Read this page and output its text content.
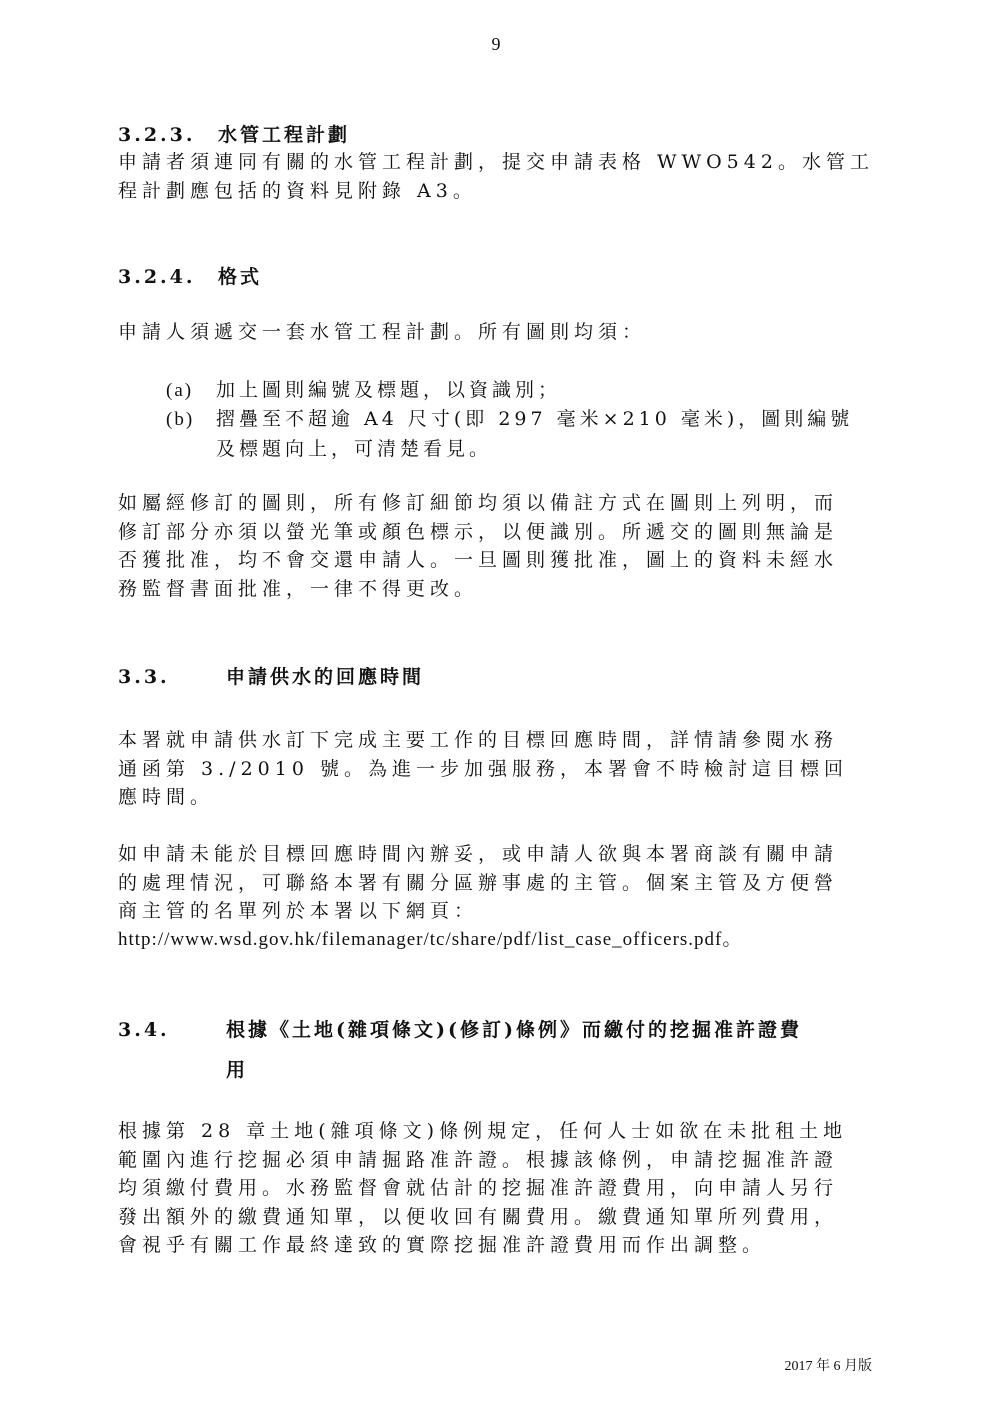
9
3.2.3. 水管工程計劃
申請者須連同有關的水管工程計劃，提交申請表格 WWO542。水管工
程計劃應包括的資料見附錄 A3。
3.2.4. 格式
申請人須遞交一套水管工程計劃。所有圖則均須：
(a) 加上圖則編號及標題，以資識別；
(b) 摺疊至不超逾 A4 尺寸(即 297 毫米×210 毫米)，圖則編號
及標題向上，可清楚看見。
如屬經修訂的圖則，所有修訂細節均須以備註方式在圖則上列明，而
修訂部分亦須以螢光筆或顏色標示，以便識別。所遞交的圖則無論是
否獲批准，均不會交還申請人。一旦圖則獲批准，圖上的資料未經水
務監督書面批准，一律不得更改。
3.3.	申請供水的回應時間
本署就申請供水訂下完成主要工作的目標回應時間，詳情請參閱水務
通函第 3./2010 號。為進一步加强服務，本署會不時檢討這目標回
應時間。
如申請未能於目標回應時間內辦妥，或申請人欲與本署商談有關申請
的處理情況，可聯絡本署有關分區辦事處的主管。個案主管及方便營
商主管的名單列於本署以下網頁：
http://www.wsd.gov.hk/filemanager/tc/share/pdf/list_case_officers.pdf。
3.4.	根據《土地(雜項條文)(修訂)條例》而繳付的挖掘准許證費
用
根據第 28 章土地(雜項條文)條例規定，任何人士如欲在未批租土地
範圍內進行挖掘必須申請掘路准許證。根據該條例，申請挖掘准許證
均須繳付費用。水務監督會就估計的挖掘准許證費用，向申請人另行
發出額外的繳費通知單，以便收回有關費用。繳費通知單所列費用，
會視乎有關工作最終達致的實際挖掘准許證費用而作出調整。
2017 年 6 月版
